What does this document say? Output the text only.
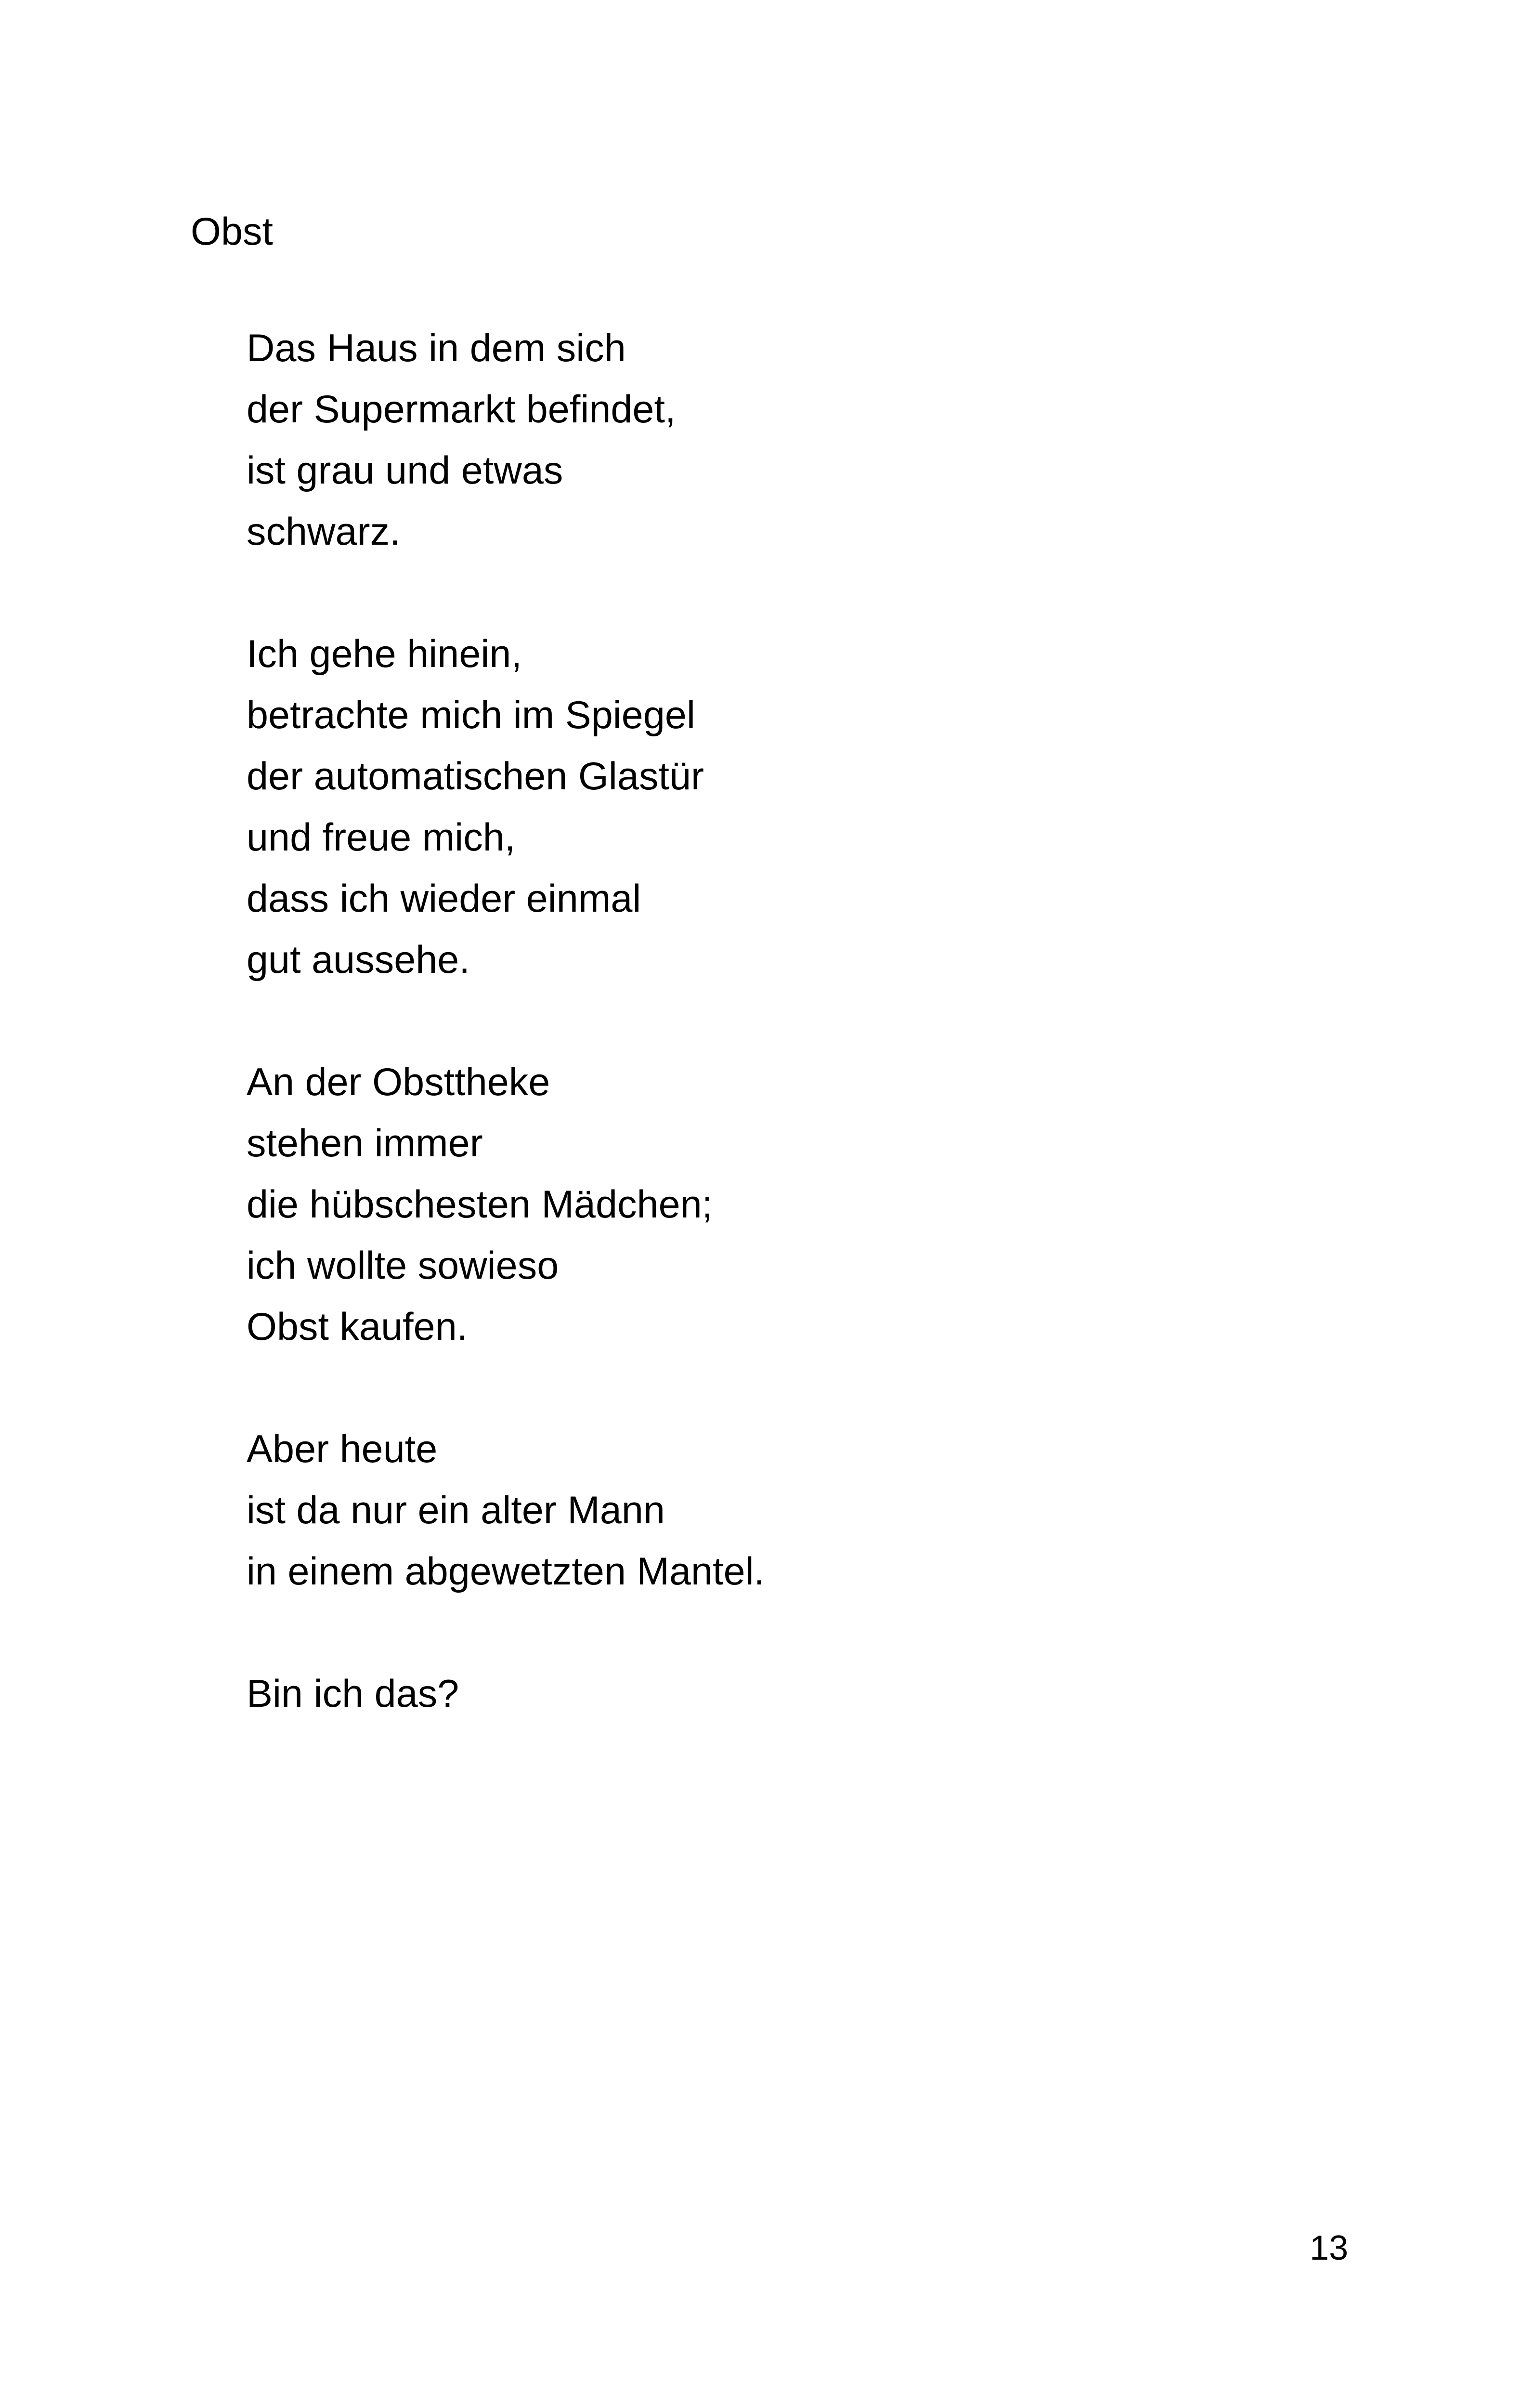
Obst

Das Haus in dem sich
der Supermarkt befindet,
ist grau und etwas
schwarz.

Ich gehe hinein,
betrachte mich im Spiegel
der automatischen Glastür
und freue mich,
dass ich wieder einmal
gut aussehe.

An der Obsttheke
stehen immer
die hübschesten Mädchen;
ich wollte sowieso
Obst kaufen.

Aber heute
ist da nur ein alter Mann
in einem abgewetzten Mantel.

Bin ich das?

13
